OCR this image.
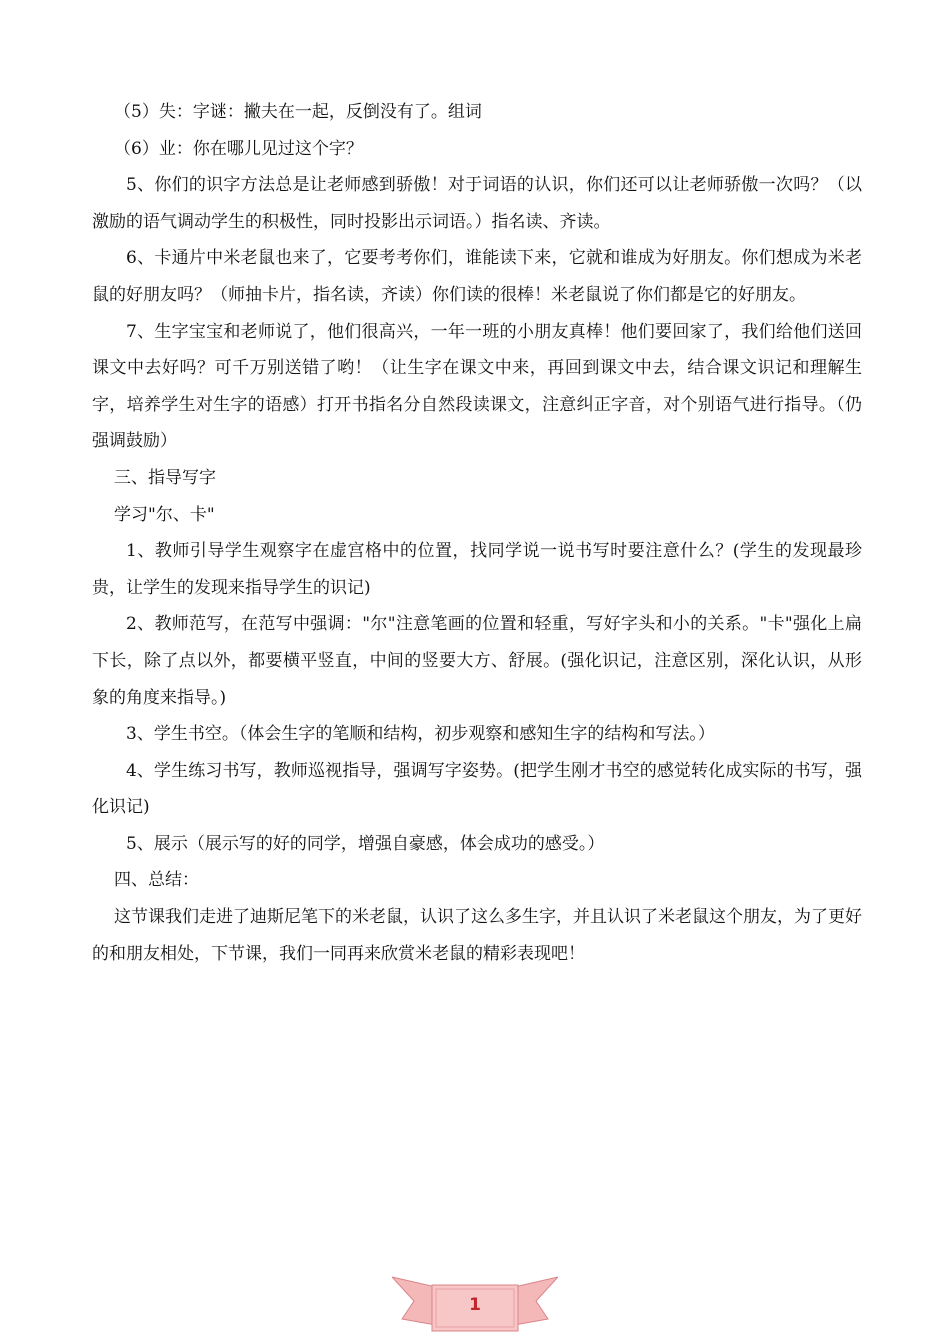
（5）失：字谜：撇夫在一起，反倒没有了。组词

（6）业：你在哪儿见过这个字？

5、你们的识字方法总是让老师感到骄傲！对于词语的认识，你们还可以让老师骄傲一次吗？（以激励的语气调动学生的积极性，同时投影出示词语。）指名读、齐读。

6、卡通片中米老鼠也来了，它要考考你们，谁能读下来，它就和谁成为好朋友。你们想成为米老鼠的好朋友吗？（师抽卡片，指名读，齐读）你们读的很棒！米老鼠说了你们都是它的好朋友。

7、生字宝宝和老师说了，他们很高兴，一年一班的小朋友真棒！他们要回家了，我们给他们送回课文中去好吗？可千万别送错了哟！（让生字在课文中来，再回到课文中去，结合课文识记和理解生字，培养学生对生字的语感）打开书指名分自然段读课文，注意纠正字音，对个别语气进行指导。（仍强调鼓励）

三、指导写字

学习"尔、卡"

1、教师引导学生观察字在虚宫格中的位置，找同学说一说书写时要注意什么？(学生的发现最珍贵，让学生的发现来指导学生的识记)

2、教师范写，在范写中强调："尔"注意笔画的位置和轻重，写好字头和小的关系。"卡"强化上扁下长，除了点以外，都要横平竖直，中间的竖要大方、舒展。(强化识记，注意区别，深化认识，从形象的角度来指导。)

3、学生书空。（体会生字的笔顺和结构，初步观察和感知生字的结构和写法。）

4、学生练习书写，教师巡视指导，强调写字姿势。(把学生刚才书空的感觉转化成实际的书写，强化识记)

5、展示（展示写的好的同学，增强自豪感，体会成功的感受。）

四、总结：

这节课我们走进了迪斯尼笔下的米老鼠，认识了这么多生字，并且认识了米老鼠这个朋友，为了更好的和朋友相处，下节课，我们一同再来欣赏米老鼠的精彩表现吧！

1
